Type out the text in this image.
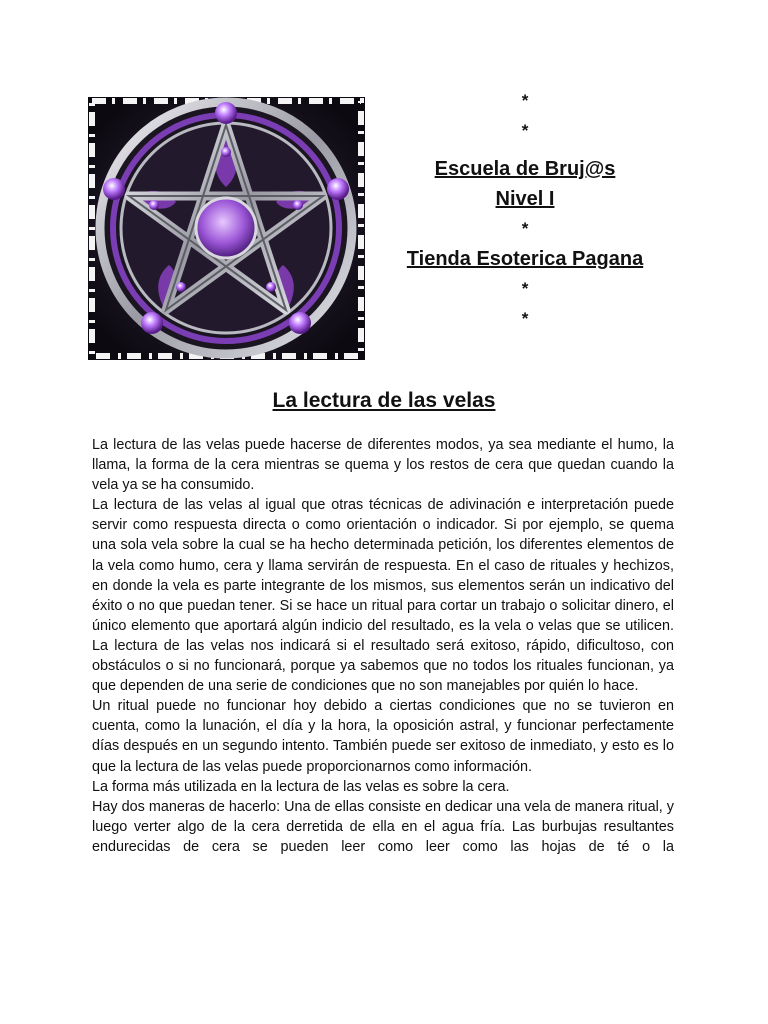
*
*
Escuela de Bruj@s
Nivel I
*
Tienda Esoterica Pagana
*
*
La lectura de las velas

La lectura de las velas puede hacerse de diferentes modos, ya sea mediante el humo, la llama, la forma de la cera mientras se quema y los restos de cera que quedan cuando la vela ya se ha consumido.

La lectura de las velas al igual que otras técnicas de adivinación e interpretación puede servir como respuesta directa o como orientación o indicador. Si por ejemplo, se quema una sola vela sobre la cual se ha hecho determinada petición, los diferentes elementos de la vela como humo, cera y llama servirán de respuesta. En el caso de rituales y hechizos, en donde la vela es parte integrante de los mismos, sus elementos serán un indicativo del éxito o no que puedan tener. Si se hace un ritual para cortar un trabajo o solicitar dinero, el único elemento que aportará algún indicio del resultado, es la vela o velas que se utilicen. La lectura de las velas nos indicará si el resultado será exitoso, rápido, dificultoso, con obstáculos o si no funcionará, porque ya sabemos que no todos los rituales funcionan, ya que dependen de una serie de condiciones que no son manejables por quién lo hace.

Un ritual puede no funcionar hoy debido a ciertas condiciones que no se tuvieron en cuenta, como la lunación, el día y la hora, la oposición astral, y funcionar perfectamente días después en un segundo intento. También puede ser exitoso de inmediato, y esto es lo que la lectura de las velas puede proporcionarnos como información.

La forma más utilizada en la lectura de las velas es sobre la cera.

Hay dos maneras de hacerlo: Una de ellas consiste en dedicar una vela de manera ritual, y luego verter algo de la cera derretida de ella en el agua fría. Las burbujas resultantes endurecidas de cera se pueden leer como leer como las hojas de té o la
